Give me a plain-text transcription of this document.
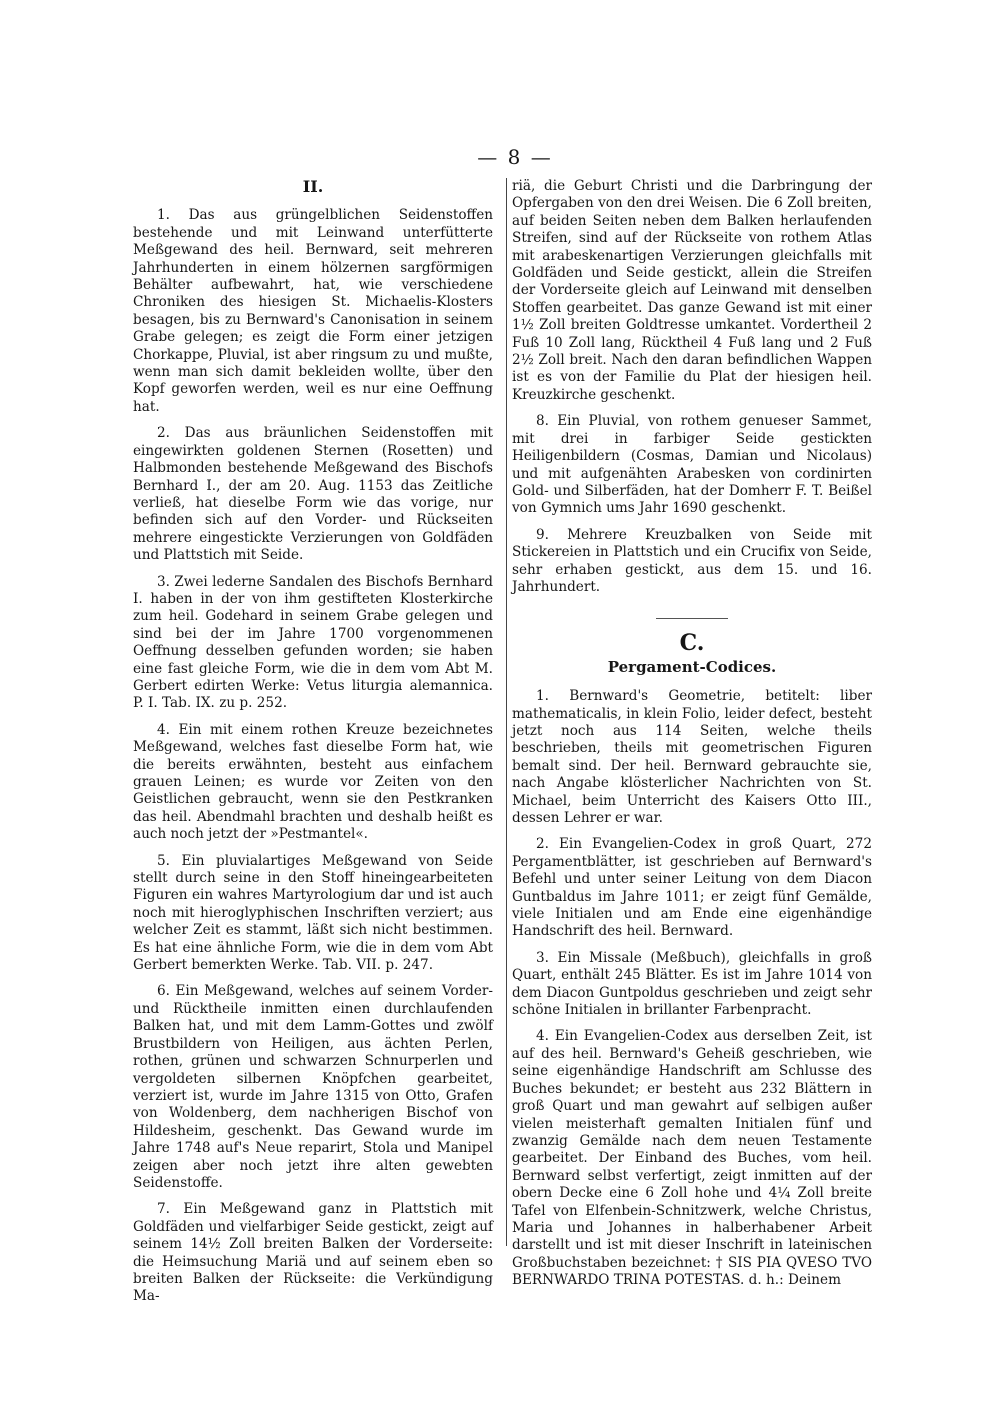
— 8 —
II.

1. Das aus grüngelblichen Seidenstoffen bestehende und mit Leinwand unterfütterte Meßgewand des heil. Bernward, seit mehreren Jahrhunderten in einem hölzernen sargförmigen Behälter aufbewahrt, hat, wie verschiedene Chroniken des hiesigen St. Michaelis-Klosters besagen, bis zu Bernward's Canonisation in seinem Grabe gelegen; es zeigt die Form einer jetzigen Chorkappe, Pluvial, ist aber ringsum zu und mußte, wenn man sich damit bekleiden wollte, über den Kopf geworfen werden, weil es nur eine Oeffnung hat.

2. Das aus bräunlichen Seidenstoffen mit eingewirkten goldenen Sternen (Rosetten) und Halbmonden bestehende Meßgewand des Bischofs Bernhard I., der am 20. Aug. 1153 das Zeitliche verließ, hat dieselbe Form wie das vorige, nur befinden sich auf den Vorder- und Rückseiten mehrere eingestickte Verzierungen von Goldfäden und Plattstich mit Seide.

3. Zwei lederne Sandalen des Bischofs Bernhard I. haben in der von ihm gestifteten Klosterkirche zum heil. Godehard in seinem Grabe gelegen und sind bei der im Jahre 1700 vorgenommenen Oeffnung desselben gefunden worden; sie haben eine fast gleiche Form, wie die in dem vom Abt M. Gerbert edirten Werke: Vetus liturgia alemannica. P. I. Tab. IX. zu p. 252.

4. Ein mit einem rothen Kreuze bezeichnetes Meßgewand, welches fast dieselbe Form hat, wie die bereits erwähnten, besteht aus einfachem grauen Leinen; es wurde vor Zeiten von den Geistlichen gebraucht, wenn sie den Pestkranken das heil. Abendmahl brachten und deshalb heißt es auch noch jetzt der »Pestmantel«.

5. Ein pluvialartiges Meßgewand von Seide stellt durch seine in den Stoff hineingearbeiteten Figuren ein wahres Martyrologium dar und ist auch noch mit hieroglyphischen Inschriften verziert; aus welcher Zeit es stammt, läßt sich nicht bestimmen. Es hat eine ähnliche Form, wie die in dem vom Abt Gerbert bemerkten Werke. Tab. VII. p. 247.

6. Ein Meßgewand, welches auf seinem Vorder- und Rücktheile inmitten einen durchlaufenden Balken hat, und mit dem Lamm-Gottes und zwölf Brustbildern von Heiligen, aus ächten Perlen, rothen, grünen und schwarzen Schnurperlen und vergoldeten silbernen Knöpfchen gearbeitet, verziert ist, wurde im Jahre 1315 von Otto, Grafen von Woldenberg, dem nachherigen Bischof von Hildesheim, geschenkt. Das Gewand wurde im Jahre 1748 auf's Neue reparirt, Stola und Manipel zeigen aber noch jetzt ihre alten gewebten Seidenstoffe.

7. Ein Meßgewand ganz in Plattstich mit Goldfäden und vielfarbiger Seide gestickt, zeigt auf seinem 14½ Zoll breiten Balken der Vorderseite: die Heimsuchung Mariä und auf seinem eben so breiten Balken der Rückseite: die Verkündigung Ma-

riä, die Geburt Christi und die Darbringung der Opfergaben von den drei Weisen. Die 6 Zoll breiten, auf beiden Seiten neben dem Balken herlaufenden Streifen, sind auf der Rückseite von rothem Atlas mit arabeskenartigen Verzierungen gleichfalls mit Goldfäden und Seide gestickt, allein die Streifen der Vorderseite gleich auf Leinwand mit denselben Stoffen gearbeitet. Das ganze Gewand ist mit einer 1½ Zoll breiten Goldtresse umkantet. Vordertheil 2 Fuß 10 Zoll lang, Rücktheil 4 Fuß lang und 2 Fuß 2½ Zoll breit. Nach den daran befindlichen Wappen ist es von der Familie du Plat der hiesigen heil. Kreuzkirche geschenkt.

8. Ein Pluvial, von rothem genueser Sammet, mit drei in farbiger Seide gestickten Heiligenbildern (Cosmas, Damian und Nicolaus) und mit aufgenähten Arabesken von cordinirten Gold- und Silberfäden, hat der Domherr F. T. Beißel von Gymnich ums Jahr 1690 geschenkt.

9. Mehrere Kreuzbalken von Seide mit Stickereien in Plattstich und ein Crucifix von Seide, sehr erhaben gestickt, aus dem 15. und 16. Jahrhundert.

C.
Pergament-Codices.

1. Bernward's Geometrie, betitelt: liber mathematicalis, in klein Folio, leider defect, besteht jetzt noch aus 114 Seiten, welche theils beschrieben, theils mit geometrischen Figuren bemalt sind. Der heil. Bernward gebrauchte sie, nach Angabe klösterlicher Nachrichten von St. Michael, beim Unterricht des Kaisers Otto III., dessen Lehrer er war.

2. Ein Evangelien-Codex in groß Quart, 272 Pergamentblätter, ist geschrieben auf Bernward's Befehl und unter seiner Leitung von dem Diacon Guntbaldus im Jahre 1011; er zeigt fünf Gemälde, viele Initialen und am Ende eine eigenhändige Handschrift des heil. Bernward.

3. Ein Missale (Meßbuch), gleichfalls in groß Quart, enthält 245 Blätter. Es ist im Jahre 1014 von dem Diacon Guntpoldus geschrieben und zeigt sehr schöne Initialen in brillanter Farbenpracht.

4. Ein Evangelien-Codex aus derselben Zeit, ist auf des heil. Bernward's Geheiß geschrieben, wie seine eigenhändige Handschrift am Schlusse des Buches bekundet; er besteht aus 232 Blättern in groß Quart und man gewahrt auf selbigen außer vielen meisterhaft gemalten Initialen fünf und zwanzig Gemälde nach dem neuen Testamente gearbeitet. Der Einband des Buches, vom heil. Bernward selbst verfertigt, zeigt inmitten auf der obern Decke eine 6 Zoll hohe und 4¼ Zoll breite Tafel von Elfenbein-Schnitzwerk, welche Christus, Maria und Johannes in halberhabener Arbeit darstellt und ist mit dieser Inschrift in lateinischen Großbuchstaben bezeichnet: † SIS PIA QVESO TVO BERNWARDO TRINA POTESTAS. d. h.: Deinem
